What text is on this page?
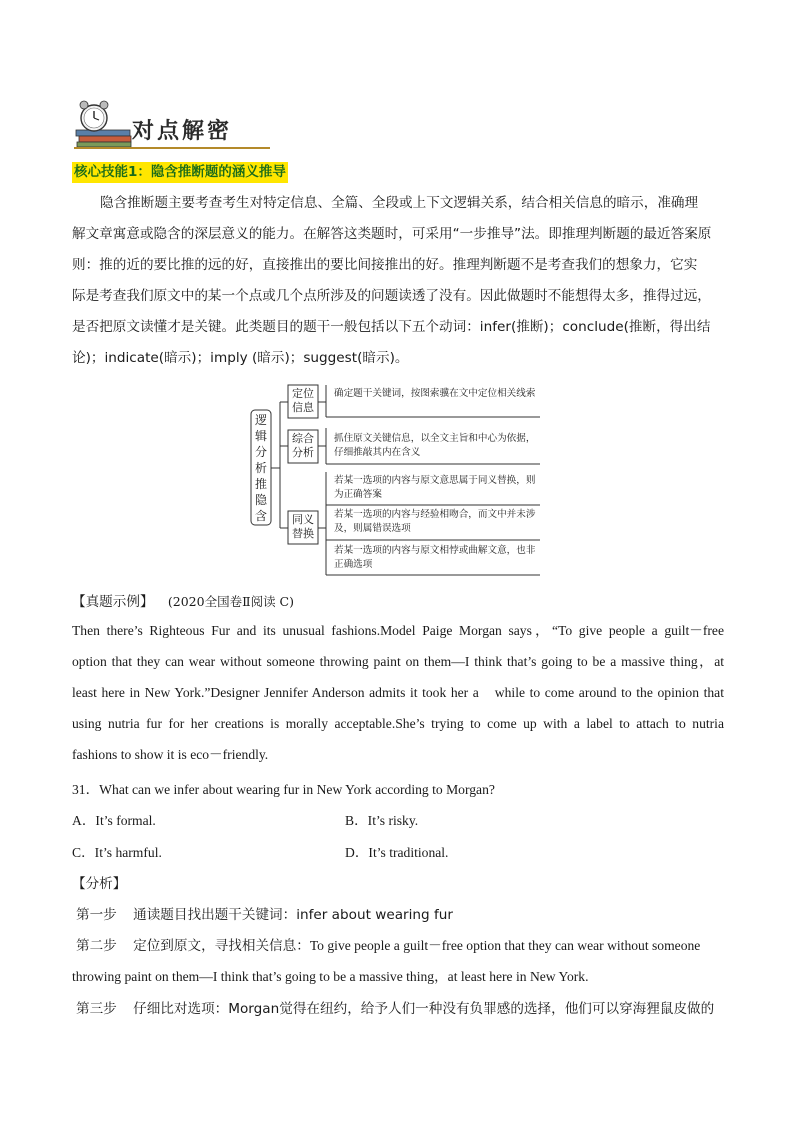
对点解密
核心技能1：隐含推断题的涵义推导
隐含推断题主要考查考生对特定信息、全篇、全段或上下文逻辑关系，结合相关信息的暗示，准确理
解文章寓意或隐含的深层意义的能力。在解答这类题时，可采用“一步推导”法。即推理判断题的最近答案原
则：推的近的要比推的远的好，直接推出的要比间接推出的好。推理判断题不是考查我们的想象力，它实
际是考查我们原文中的某一个点或几个点所涉及的问题读透了没有。因此做题时不能想得太多，推得过远，
是否把原文读懂才是关键。此类题目的题干一般包括以下五个动词：infer(推断)；conclude(推断，得出结
论)；indicate(暗示)；imply (暗示)；suggest(暗示)。
逻辑分析推隐含
定位信息
综合分析
同义替换
确定题干关键词，按图索骥在文中定位相关线索
抓住原文关键信息，以全文主旨和中心为依据，仔细推敲其内在含义
若某一选项的内容与原文意思属于同义替换，则为正确答案
若某一选项的内容与经验相吻合，而文中并未涉及，则属错误选项
若某一选项的内容与原文相悖或曲解文意，也非正确选项
【真题示例】 (2020全国卷Ⅱ阅读 C)
Then there’s Righteous Fur and its unusual fashions.Model Paige Morgan says，“To give people a guilt－free
option that they can wear without someone throwing paint on them—I think that’s going to be a massive thing，at
least here in New York.”Designer Jennifer Anderson admits it took her a　while to come around to the opinion that
using nutria fur for her creations is morally acceptable.She’s trying to come up with a label to attach to nutria
fashions to show it is eco－friendly.
31．What can we infer about wearing fur in New York according to Morgan?
A．It’s formal.	B．It’s risky.
C．It’s harmful.	D．It’s traditional.
【分析】
第一步 通读题目找出题干关键词：infer about wearing fur
第二步 定位到原文，寻找相关信息：To give people a guilt－free option that they can wear without someone
throwing paint on them—I think that’s going to be a massive thing，at least here in New York.
第三步 仔细比对选项：Morgan觉得在纽约，给予人们一种没有负罪感的选择，他们可以穿海狸鼠皮做的
